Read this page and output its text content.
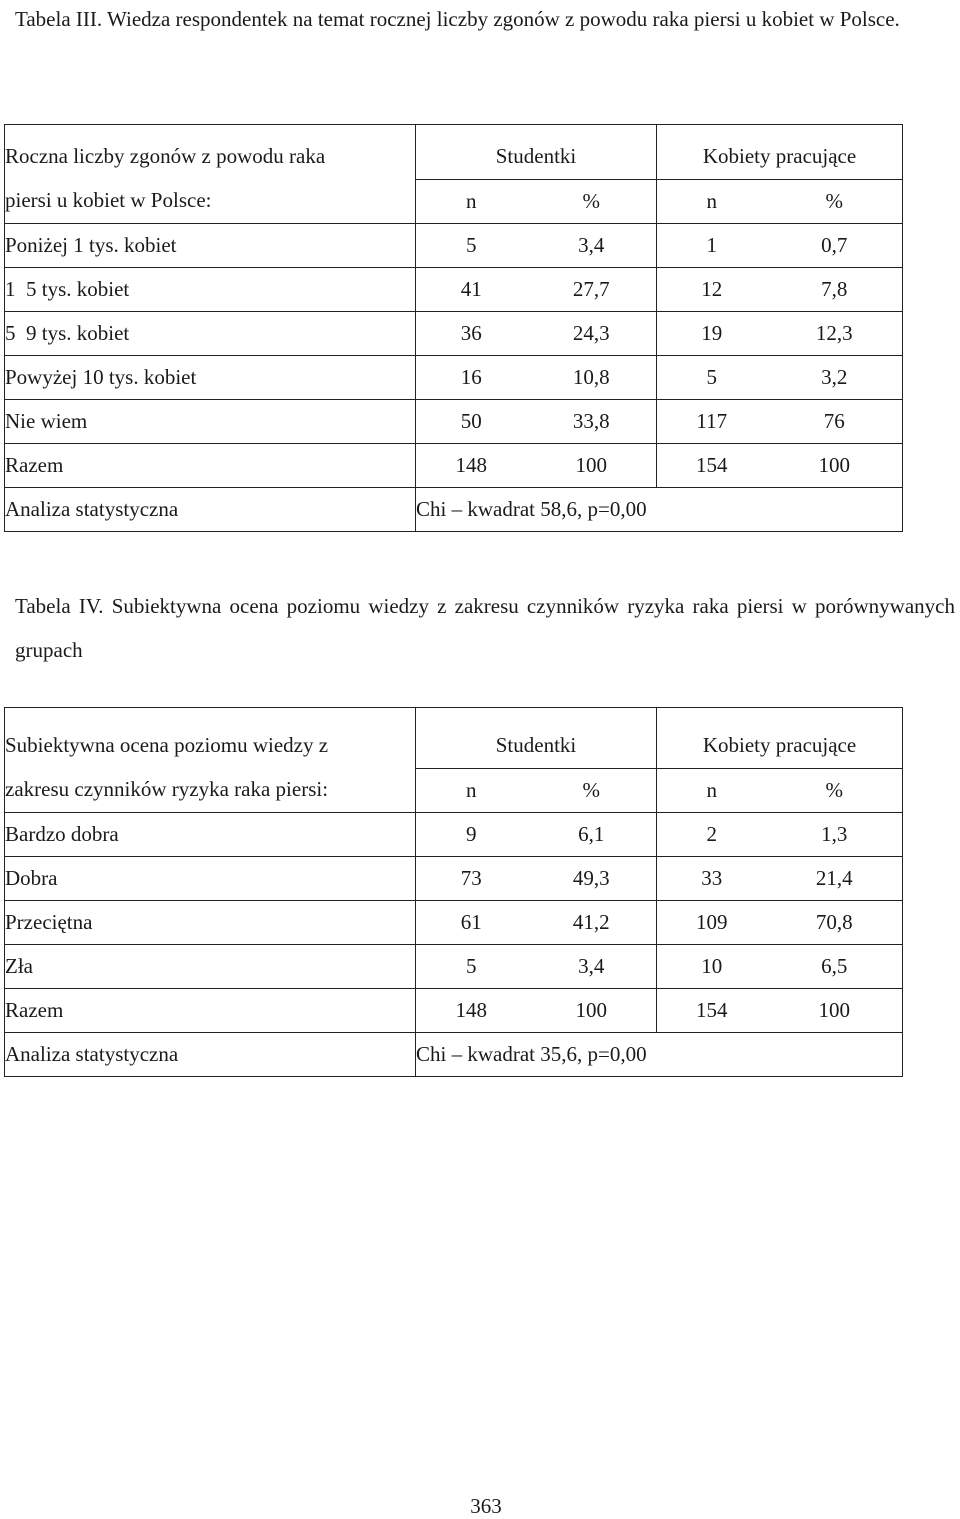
Tabela III. Wiedza respondentek na temat rocznej liczby zgonów z powodu raka piersi u kobiet w Polsce.
Roczna liczby zgonów z powodu raka	Studentki		Kobiety pracujące	
piersi u kobiet w Polsce:	n	%	n	%
Poniżej 1 tys. kobiet	5	3,4	1	0,7
1  5 tys. kobiet	41	27,7	12	7,8
5  9 tys. kobiet	36	24,3	19	12,3
Powyżej 10 tys. kobiet	16	10,8	5	3,2
Nie wiem	50	33,8	117	76
Razem	148	100	154	100
Analiza statystyczna	Chi – kwadrat 58,6, p=0,00			
Tabela IV. Subiektywna ocena poziomu wiedzy z zakresu czynników ryzyka raka piersi w porównywanych grupach
Subiektywna ocena poziomu wiedzy z	Studentki		Kobiety pracujące	
zakresu czynników ryzyka raka piersi:	n	%	n	%
Bardzo dobra	9	6,1	2	1,3
Dobra	73	49,3	33	21,4
Przeciętna	61	41,2	109	70,8
Zła	5	3,4	10	6,5
Razem	148	100	154	100
Analiza statystyczna	Chi – kwadrat 35,6, p=0,00			
363
